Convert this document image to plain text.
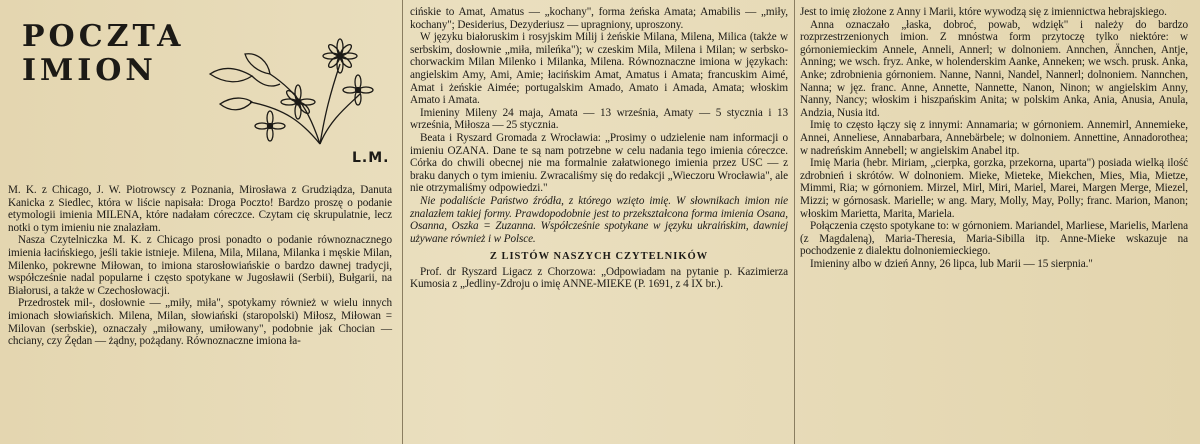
POCZTA
IMION
L.M.

M. K. z Chicago, J. W. Piotrowscy z Poznania, Mirosława z Grudziądza, Danuta Kanicka z Siedlec, która w liście napisała: Droga Poczto! Bardzo proszę o podanie etymologii imienia MILENA, które nadałam córeczce. Czytam cię skrupulatnie, lecz notki o tym imieniu nie znalazłam.

Nasza Czytelniczka M. K. z Chicago prosi ponadto o podanie równoznacznego imienia łacińskiego, jeśli takie istnieje. Milena, Mila, Milana, Milanka i męskie Milan, Milenko, pokrewne Miłowan, to imiona starosłowiańskie o bardzo dawnej tradycji, współcześnie nadal popularne i często spotykane w Jugosławii (Serbii), Bułgarii, na Białorusi, a także w Czechosłowacji.

Przedrostek mil-, dosłownie — „miły, miła", spotykamy również w wielu innych imionach słowiańskich. Milena, Milan, słowiański (staropolski) Miłosz, Miłowan = Milovan (serbskie), oznaczały „miłowany, umiłowany", podobnie jak Chocian — chciany, czy Żędan — żądny, pożądany. Równoznaczne imiona ła-

cińskie to Amat, Amatus — „kochany", forma żeńska Amata; Amabilis — „miły, kochany"; Desiderius, Dezyderiusz — upragniony, uproszony.

W języku białoruskim i rosyjskim Milij i żeńskie Milana, Milena, Milica (także w serbskim, dosłownie „miła, mileńka"); w czeskim Mila, Milena i Milan; w serbsko-chorwackim Milan Milenko i Milanka, Milena. Równoznaczne imiona w językach: angielskim Amy, Ami, Amie; łacińskim Amat, Amatus i Amata; francuskim Aimé, Amat i żeńskie Aimée; portugalskim Amado, Amato i Amada, Amata; włoskim Amato i Amata.

Imieniny Mileny 24 maja, Amata — 13 września, Amaty — 5 stycznia i 13 września, Miłosza — 25 stycznia.

Beata i Ryszard Gromada z Wrocławia: „Prosimy o udzielenie nam informacji o imieniu OZANA. Dane te są nam potrzebne w celu nadania tego imienia córeczce. Córka do chwili obecnej nie ma formalnie załatwionego imienia przez USC — z braku danych o tym imieniu. Zwracaliśmy się do redakcji „Wieczoru Wrocławia", ale nie otrzymaliśmy odpowiedzi."

Nie podaliście Państwo źródła, z którego wzięto imię. W słownikach imion nie znalazłem takiej formy. Prawdopodobnie jest to przekształcona forma imienia Osana, Osanna, Oszka = Zuzanna. Współcześnie spotykane w języku ukraińskim, dawniej używane również i w Polsce.

Z LISTÓW NASZYCH CZYTELNIKÓW

Prof. dr Ryszard Ligacz z Chorzowa: „Odpowiadam na pytanie p. Kazimierza Kumosia z „Jedliny-Zdroju o imię ANNE-MIEKE (P. 1691, z 4 IX br.).

Jest to imię złożone z Anny i Marii, które wywodzą się z imiennictwa hebrajskiego.

Anna oznaczało „łaska, dobroć, powab, wdzięk" i należy do bardzo rozprzestrzenionych imion. Z mnóstwa form przytoczę tylko niektóre: w górnoniemieckim Annele, Anneli, Annerl; w dolnoniem. Annchen, Ännchen, Antje, Anning; we wsch. fryz. Anke, w holenderskim Aanke, Anneken; we wsch. prusk. Anka, Anke; zdrobnienia górnoniem. Nanne, Nanni, Nandel, Nannerl; dolnoniem. Nannchen, Nanna; w jęz. franc. Anne, Annette, Nannette, Nanon, Ninon; w angielskim Anny, Nanny, Nancy; włoskim i hiszpańskim Anita; w polskim Anka, Ania, Anusia, Anula, Andzia, Nusia itd.

Imię to często łączy się z innymi: Annamaria; w górnoniem. Annemirl, Annemieke, Annei, Anneliese, Annabarbara, Annebärbele; w dolnoniem. Annettine, Annadorothea; w nadreńskim Annebell; w angielskim Anabel itp.

Imię Maria (hebr. Miriam, „cierpka, gorzka, przekorna, uparta") posiada wielką ilość zdrobnień i skrótów. W dolnoniem. Mieke, Mieteke, Miekchen, Mies, Mia, Mietze, Mimmi, Ria; w górnoniem. Mirzel, Mirl, Miri, Mariel, Marei, Margen Merge, Miezel, Mizzi; w górnosask. Marielle; w ang. Mary, Molly, May, Polly; franc. Marion, Manon; włoskim Marietta, Marita, Mariela.

Połączenia często spotykane to: w górnoniem. Mariandel, Marliese, Marielis, Marlena (z Magdaleną), Maria-Theresia, Maria-Sibilla itp. Anne-Mieke wskazuje na pochodzenie z dialektu dolnoniemieckiego.

Imieniny albo w dzień Anny, 26 lipca, lub Marii — 15 sierpnia."
